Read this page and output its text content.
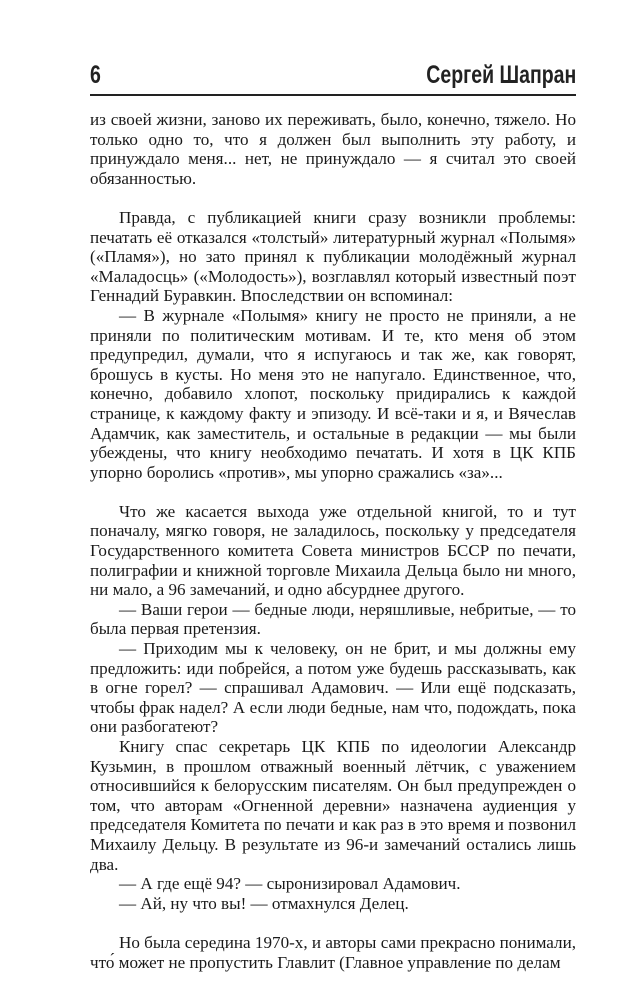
6	Сергей Шапран

из своей жизни, заново их переживать, было, конечно, тяжело. Но только одно то, что я должен был выполнить эту работу, и принуждало меня... нет, не принуждало — я считал это своей обязанностью.

Правда, с публикацией книги сразу возникли проблемы: печатать её отказался «толстый» литературный журнал «Полымя» («Пламя»), но зато принял к публикации молодёжный журнал «Маладосць» («Молодость»), возглавлял который известный поэт Геннадий Буравкин. Впоследствии он вспоминал:

— В журнале «Полымя» книгу не просто не приняли, а не приняли по политическим мотивам. И те, кто меня об этом предупредил, думали, что я испугаюсь и так же, как говорят, брошусь в кусты. Но меня это не напугало. Единственное, что, конечно, добавило хлопот, поскольку придирались к каждой странице, к каждому факту и эпизоду. И всё-таки и я, и Вячеслав Адамчик, как заместитель, и остальные в редакции — мы были убеждены, что книгу необходимо печатать. И хотя в ЦК КПБ упорно боролись «против», мы упорно сражались «за»...

Что же касается выхода уже отдельной книгой, то и тут поначалу, мягко говоря, не заладилось, поскольку у председателя Государственного комитета Совета министров БССР по печати, полиграфии и книжной торговле Михаила Дельца было ни много, ни мало, а 96 замечаний, и одно абсурднее другого.

— Ваши герои — бедные люди, неряшливые, небритые, — то была первая претензия.

— Приходим мы к человеку, он не брит, и мы должны ему предложить: иди побрейся, а потом уже будешь рассказывать, как в огне горел? — спрашивал Адамович. — Или ещё подсказать, чтобы фрак надел? А если люди бедные, нам что, подождать, пока они разбогатеют?

Книгу спас секретарь ЦК КПБ по идеологии Александр Кузьмин, в прошлом отважный военный лётчик, с уважением относившийся к белорусским писателям. Он был предупрежден о том, что авторам «Огненной деревни» назначена аудиенция у председателя Комитета по печати и как раз в это время и позвонил Михаилу Дельцу. В результате из 96-и замечаний остались лишь два.

— А где ещё 94? — сыронизировал Адамович.

— Ай, ну что вы! — отмахнулся Делец.

Но была середина 1970-х, и авторы сами прекрасно понимали, что́ может не пропустить Главлит (Главное управление по делам
